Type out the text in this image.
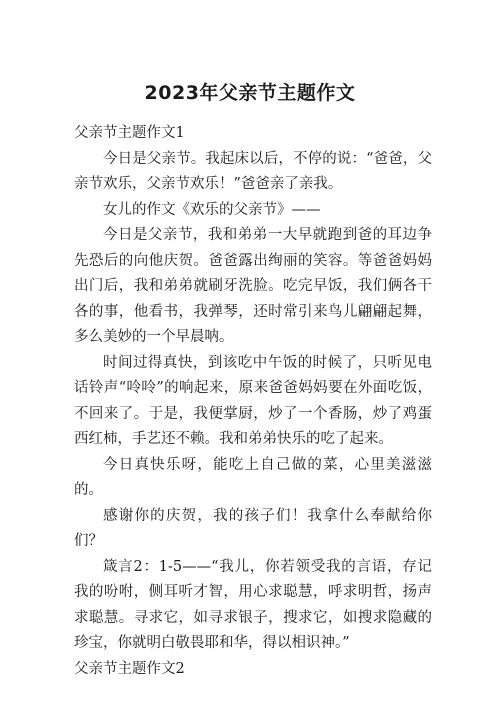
2023年父亲节主题作文

父亲节主题作文1

今日是父亲节。我起床以后，不停的说：“爸爸，父亲节欢乐，父亲节欢乐！”爸爸亲了亲我。

女儿的作文《欢乐的父亲节》——

今日是父亲节，我和弟弟一大早就跑到爸的耳边争先恐后的向他庆贺。爸爸露出绚丽的笑容。等爸爸妈妈出门后，我和弟弟就刷牙洗脸。吃完早饭，我们俩各干各的事，他看书，我弹琴，还时常引来鸟儿翩翩起舞，多么美妙的一个早晨呐。

时间过得真快，到该吃中午饭的时候了，只听见电话铃声“呤呤”的响起来，原来爸爸妈妈要在外面吃饭，不回来了。于是，我便掌厨，炒了一个香肠，炒了鸡蛋西红柿，手艺还不赖。我和弟弟快乐的吃了起来。

今日真快乐呀，能吃上自己做的菜，心里美滋滋的。

感谢你的庆贺，我的孩子们！我拿什么奉献给你们？

箴言2：1-5——“我儿，你若领受我的言语，存记我的吩咐，侧耳听才智，用心求聪慧，呼求明哲，扬声求聪慧。寻求它，如寻求银子，搜求它，如搜求隐藏的珍宝，你就明白敬畏耶和华，得以相识神。”

父亲节主题作文2
